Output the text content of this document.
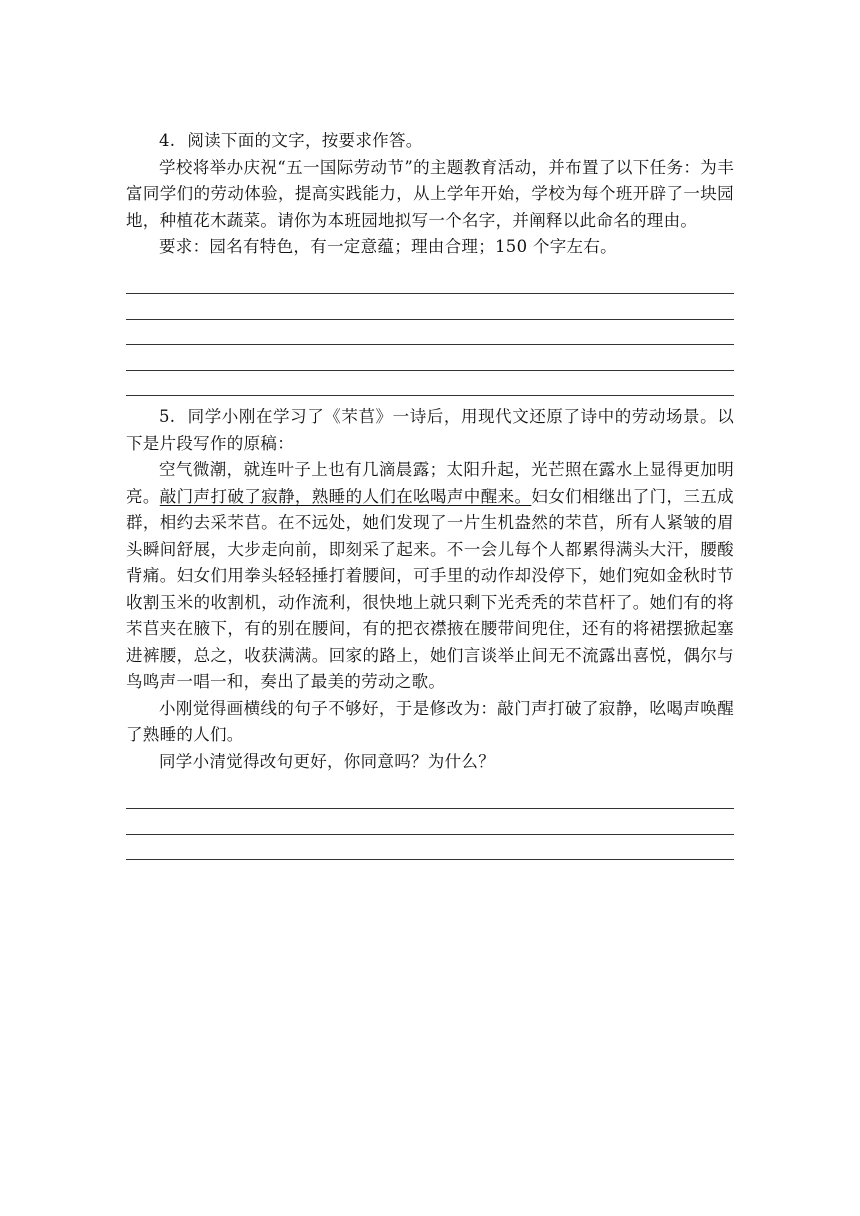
4. 阅读下面的文字，按要求作答。

学校将举办庆祝“五一国际劳动节”的主题教育活动，并布置了以下任务：为丰富同学们的劳动体验，提高实践能力，从上学年开始，学校为每个班开辟了一块园地，种植花木蔬菜。请你为本班园地拟写一个名字，并阐释以此命名的理由。

要求：园名有特色，有一定意蕴；理由合理；150 个字左右。

5. 同学小刚在学习了《芣苢》一诗后，用现代文还原了诗中的劳动场景。以下是片段写作的原稿：

空气微潮，就连叶子上也有几滴晨露；太阳升起，光芒照在露水上显得更加明亮。敲门声打破了寂静，熟睡的人们在吆喝声中醒来。妇女们相继出了门，三五成群，相约去采芣苢。在不远处，她们发现了一片生机盎然的芣苢，所有人紧皱的眉头瞬间舒展，大步走向前，即刻采了起来。不一会儿每个人都累得满头大汗，腰酸背痛。妇女们用拳头轻轻捶打着腰间，可手里的动作却没停下，她们宛如金秋时节收割玉米的收割机，动作流利，很快地上就只剩下光秃秃的芣苢杆了。她们有的将芣苢夹在腋下，有的别在腰间，有的把衣襟掖在腰带间兜住，还有的将裙摆掀起塞进裤腰，总之，收获满满。回家的路上，她们言谈举止间无不流露出喜悦，偶尔与鸟鸣声一唱一和，奏出了最美的劳动之歌。

小刚觉得画横线的句子不够好，于是修改为：敲门声打破了寂静，吆喝声唤醒了熟睡的人们。

同学小清觉得改句更好，你同意吗？为什么？
